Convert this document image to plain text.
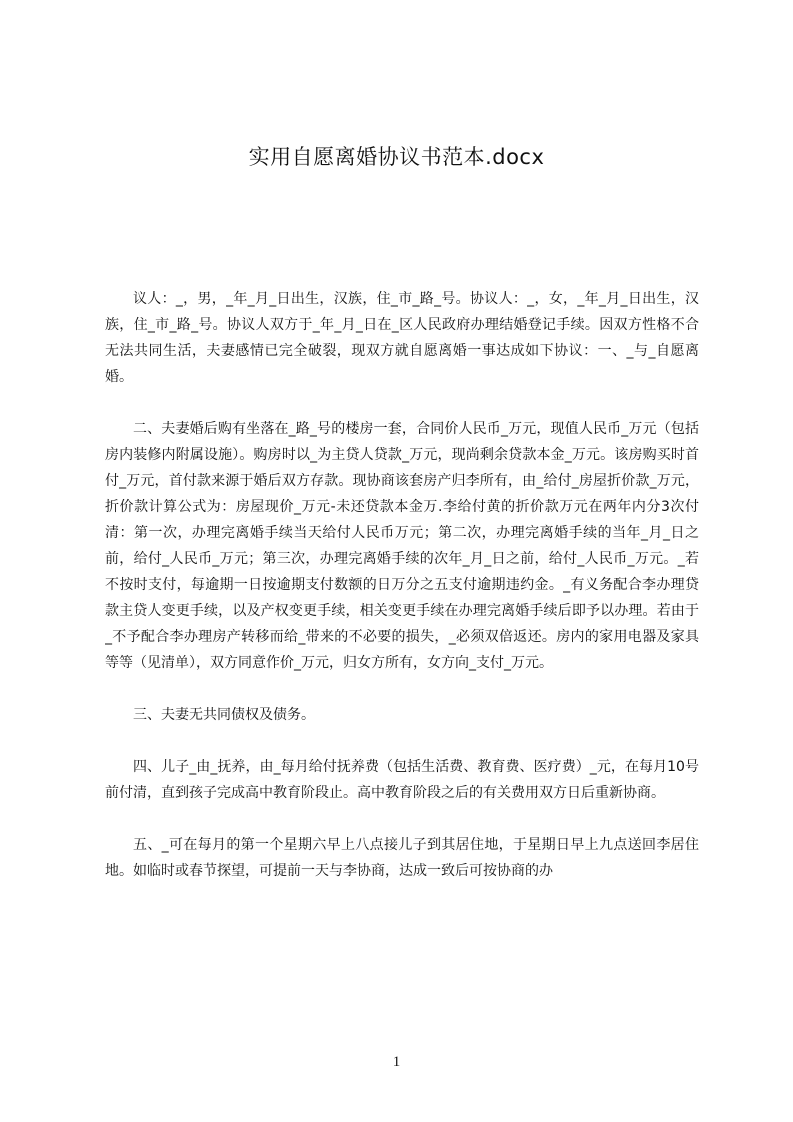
实用自愿离婚协议书范本.docx

议人：_，男，_年_月_日出生，汉族，住_市_路_号。协议人：_，女，_年_月_日出生，汉族，住_市_路_号。协议人双方于_年_月_日在_区人民政府办理结婚登记手续。因双方性格不合无法共同生活，夫妻感情已完全破裂，现双方就自愿离婚一事达成如下协议：一、_与_自愿离婚。

二、夫妻婚后购有坐落在_路_号的楼房一套，合同价人民币_万元，现值人民币_万元（包括房内装修内附属设施）。购房时以_为主贷人贷款_万元，现尚剩余贷款本金_万元。该房购买时首付_万元，首付款来源于婚后双方存款。现协商该套房产归李所有，由_给付_房屋折价款_万元，折价款计算公式为：房屋现价_万元-未还贷款本金万.李给付黄的折价款万元在两年内分3次付清：第一次，办理完离婚手续当天给付人民币万元；第二次，办理完离婚手续的当年_月_日之前，给付_人民币_万元；第三次，办理完离婚手续的次年_月_日之前，给付_人民币_万元。_若不按时支付，每逾期一日按逾期支付数额的日万分之五支付逾期违约金。_有义务配合李办理贷款主贷人变更手续，以及产权变更手续，相关变更手续在办理完离婚手续后即予以办理。若由于_不予配合李办理房产转移而给_带来的不必要的损失，_必须双倍返还。房内的家用电器及家具等等（见清单），双方同意作价_万元，归女方所有，女方向_支付_万元。

三、夫妻无共同债权及债务。

四、儿子_由_抚养，由_每月给付抚养费（包括生活费、教育费、医疗费）_元，在每月10号前付清，直到孩子完成高中教育阶段止。高中教育阶段之后的有关费用双方日后重新协商。

五、_可在每月的第一个星期六早上八点接儿子到其居住地，于星期日早上九点送回李居住地。如临时或春节探望，可提前一天与李协商，达成一致后可按协商的办

1
